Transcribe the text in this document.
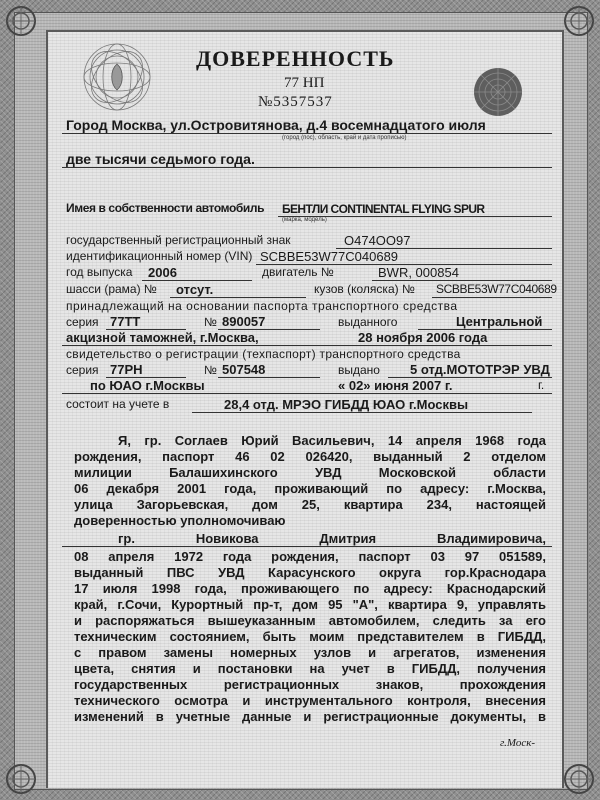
ДОВЕРЕННОСТЬ
77 НП
№5357537
Город Москва, ул.Островитянова, д.4 восемнадцатого июля
(город (пос), область, край и дата прописью)
две тысячи седьмого года.
Имея в собственности автомобиль БЕНТЛИ CONTINENTAL FLYING SPUR
(марка, модель)
государственный регистрационный знак	О474ОО97
идентификационный номер (VIN) SCBBE53W77C040689
год выпуска 2006	двигатель №	BWR, 000854
шасси (рама) № отсут.	кузов (коляска) № SCBBE53W77C040689
принадлежащий на основании паспорта транспортного средства
серия 77ТТ	№ 890057	выданного	Центральной
акцизной таможней, г.Москва,	28 ноября 2006 года
свидетельство о регистрации (техпаспорт) транспортного средства
серия 77РН	№ 507548	выдано 5 отд.МОТОТРЭР УВД
по ЮАО г.Москвы	« 02» июня 2007 г.	г.
состоит на учете в	28,4 отд. МРЭО ГИБДД ЮАО г.Москвы
Я, гр. Соглаев Юрий Васильевич, 14 апреля 1968 года
рождения, паспорт 46 02 026420, выданный 2 отделом
милиции Балашихинского УВД Московской области
06 декабря 2001 года, проживающий по адресу: г.Москва,
улица Загорьевская, дом 25, квартира 234, настоящей
доверенностью уполномочиваю
гр. Новикова Дмитрия Владимировича,
08 апреля 1972 года рождения, паспорт 03 97 051589,
выданный ПВС УВД Карасунского округа гор.Краснодара
17 июля 1998 года, проживающего по адресу: Краснодарский
край, г.Сочи, Курортный пр-т, дом 95 "А", квартира 9, управлять
и распоряжаться вышеуказанным автомобилем, следить за его
техническим состоянием, быть моим представителем в ГИБДД,
с правом замены номерных узлов и агрегатов, изменения
цвета, снятия и постановки на учет в ГИБДД, получения
государственных регистрационных знаков, прохождения
технического осмотра и инструментального контроля, внесения
изменений в учетные данные и регистрационные документы, в
г.Моск-
